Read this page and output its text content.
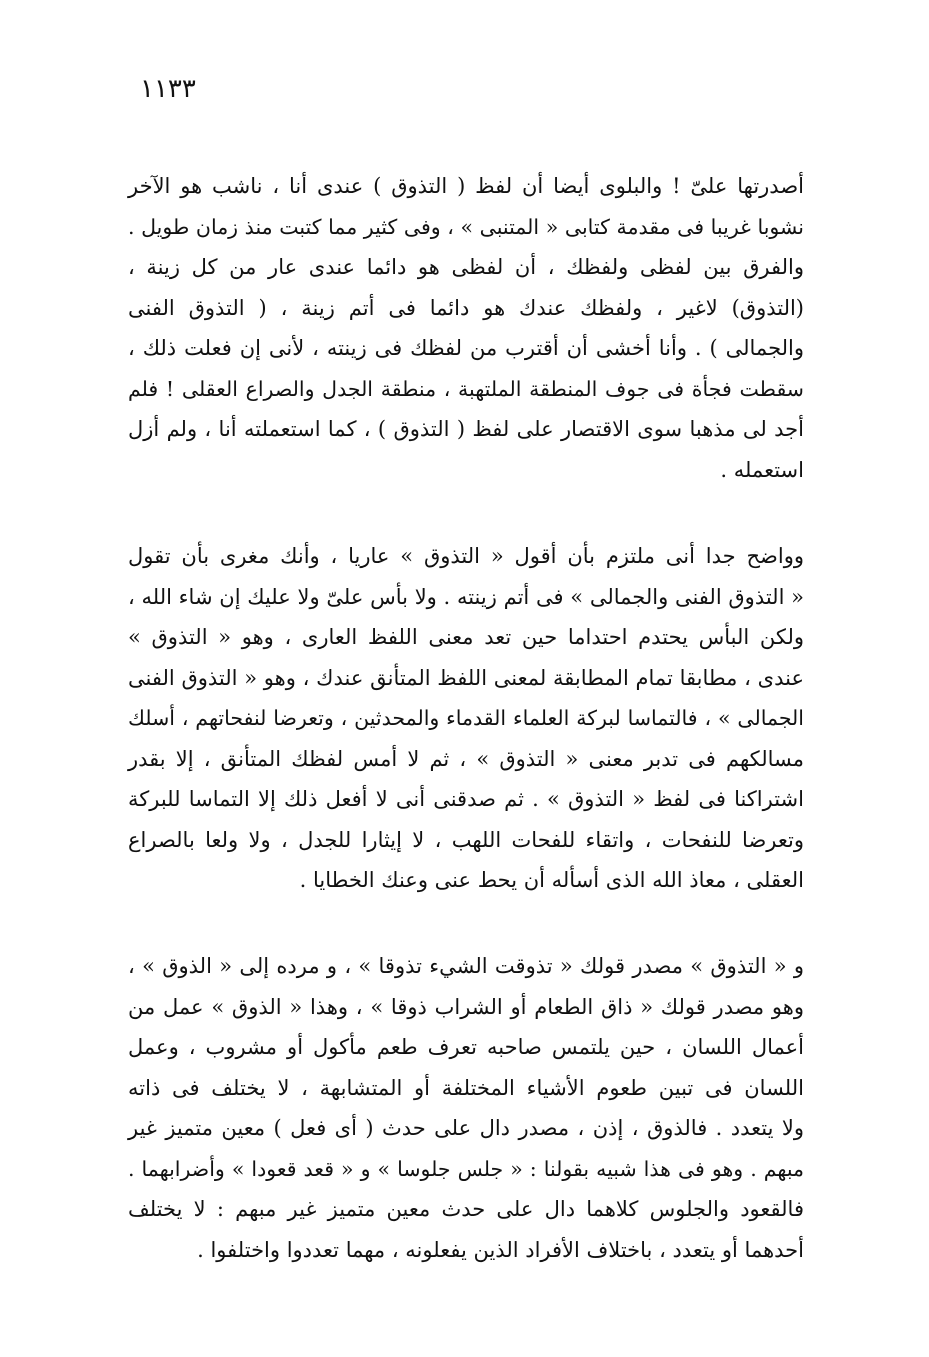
١١٣٣
أصدرتها علىّ ! والبلوى أيضا أن لفظ ( التذوق ) عندى أنا ، ناشب هو الآخر
نشوبا غريبا فى مقدمة كتابى « المتنبى » ، وفى كثير مما كتبت منذ زمان طويل .
والفرق بين لفظى ولفظك ، أن لفظى هو دائما عندى عار من كل زينة ،
(التذوق) لاغير ، ولفظك عندك هو دائما فى أتم زينة ، ( التذوق الفنى
والجمالى ) . وأنا أخشى أن أقترب من لفظك فى زينته ، لأنى إن فعلت ذلك ،
سقطت فجأة فى جوف المنطقة الملتهبة ، منطقة الجدل والصراع العقلى ! فلم
أجد لى مذهبا سوى الاقتصار على لفظ ( التذوق ) ، كما استعملته أنا ، ولم أزل
استعمله .
وواضح جدا أنى ملتزم بأن أقول « التذوق » عاريا ، وأنك مغرى بأن تقول
« التذوق الفنى والجمالى » فى أتم زينته . ولا بأس علىّ ولا عليك إن شاء الله ،
ولكن البأس يحتدم احتداما حين تعد معنى اللفظ العارى ، وهو « التذوق »
عندى ، مطابقا تمام المطابقة لمعنى اللفظ المتأنق عندك ، وهو « التذوق الفنى
الجمالى » ، فالتماسا لبركة العلماء القدماء والمحدثين ، وتعرضا لنفحاتهم ، أسلك
مسالكهم فى تدبر معنى « التذوق » ، ثم لا أمس لفظك المتأنق ، إلا بقدر
اشتراكنا فى لفظ « التذوق » . ثم صدقنى أنى لا أفعل ذلك إلا التماسا للبركة
وتعرضا للنفحات ، واتقاء للفحات اللهب ، لا إيثارا للجدل ، ولا ولعا بالصراع
العقلى ، معاذ الله الذى أسأله أن يحط عنى وعنك الخطايا .
و « التذوق » مصدر قولك « تذوقت الشيء تذوقا » ، و مرده إلى « الذوق » ،
وهو مصدر قولك « ذاق الطعام أو الشراب ذوقا » ، وهذا « الذوق » عمل من
أعمال اللسان ، حين يلتمس صاحبه تعرف طعم مأكول أو مشروب ، وعمل
اللسان فى تبين طعوم الأشياء المختلفة أو المتشابهة ، لا يختلف فى ذاته
ولا يتعدد . فالذوق ، إذن ، مصدر دال على حدث ( أى فعل ) معين متميز غير
مبهم . وهو فى هذا شبيه بقولنا : « جلس جلوسا » و « قعد قعودا » وأضرابهما .
فالقعود والجلوس كلاهما دال على حدث معين متميز غير مبهم : لا يختلف
أحدهما أو يتعدد ، باختلاف الأفراد الذين يفعلونه ، مهما تعددوا واختلفوا .
